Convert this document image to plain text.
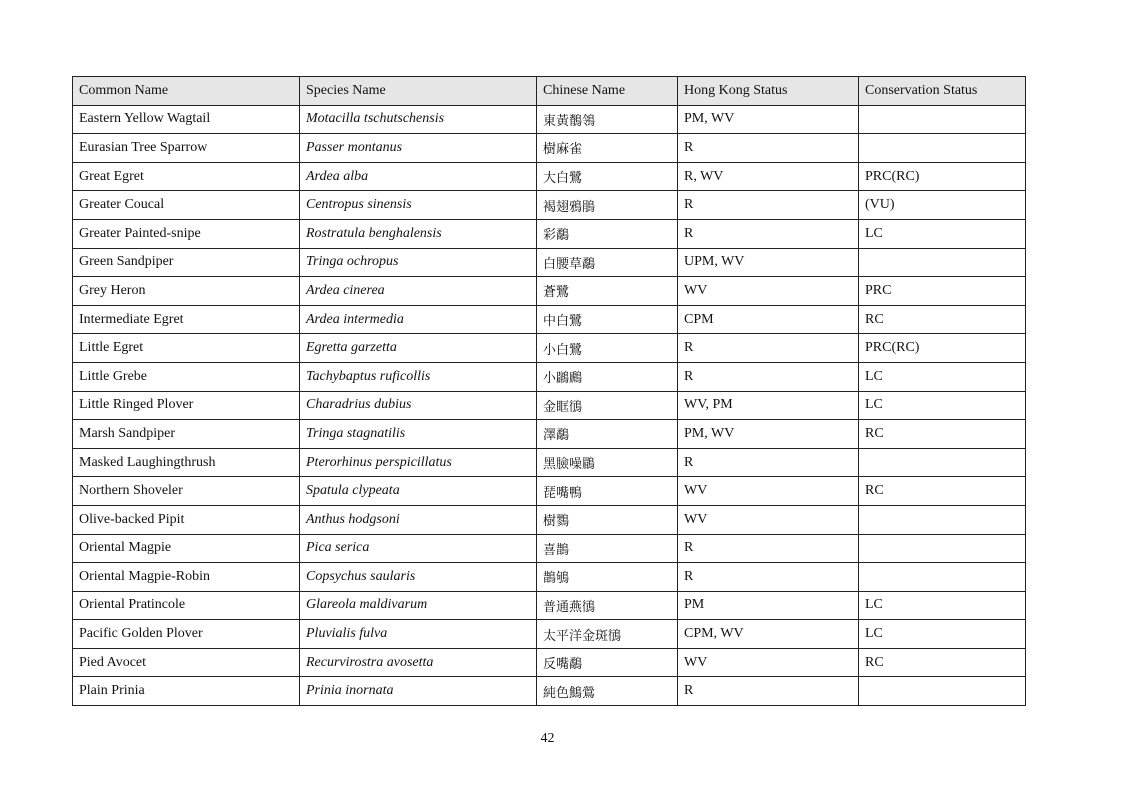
Common Name	Species Name	Chinese Name	Hong Kong Status	Conservation Status
Eastern Yellow Wagtail	Motacilla tschutschensis	東黃鶺鴒	PM, WV	
Eurasian Tree Sparrow	Passer montanus	樹麻雀	R	
Great Egret	Ardea alba	大白鷺	R, WV	PRC(RC)
Greater Coucal	Centropus sinensis	褐翅鴉鵑	R	(VU)
Greater Painted-snipe	Rostratula benghalensis	彩鷸	R	LC
Green Sandpiper	Tringa ochropus	白腰草鷸	UPM, WV	
Grey Heron	Ardea cinerea	蒼鷺	WV	PRC
Intermediate Egret	Ardea intermedia	中白鷺	CPM	RC
Little Egret	Egretta garzetta	小白鷺	R	PRC(RC)
Little Grebe	Tachybaptus ruficollis	小鸊鷉	R	LC
Little Ringed Plover	Charadrius dubius	金眶鴴	WV, PM	LC
Marsh Sandpiper	Tringa stagnatilis	澤鷸	PM, WV	RC
Masked Laughingthrush	Pterorhinus perspicillatus	黑臉噪鶥	R	
Northern Shoveler	Spatula clypeata	琵嘴鴨	WV	RC
Olive-backed Pipit	Anthus hodgsoni	樹鷚	WV	
Oriental Magpie	Pica serica	喜鵲	R	
Oriental Magpie-Robin	Copsychus saularis	鵲鴝	R	
Oriental Pratincole	Glareola maldivarum	普通燕鴴	PM	LC
Pacific Golden Plover	Pluvialis fulva	太平洋金斑鴴	CPM, WV	LC
Pied Avocet	Recurvirostra avosetta	反嘴鷸	WV	RC
Plain Prinia	Prinia inornata	純色鷦鶯	R	
42
